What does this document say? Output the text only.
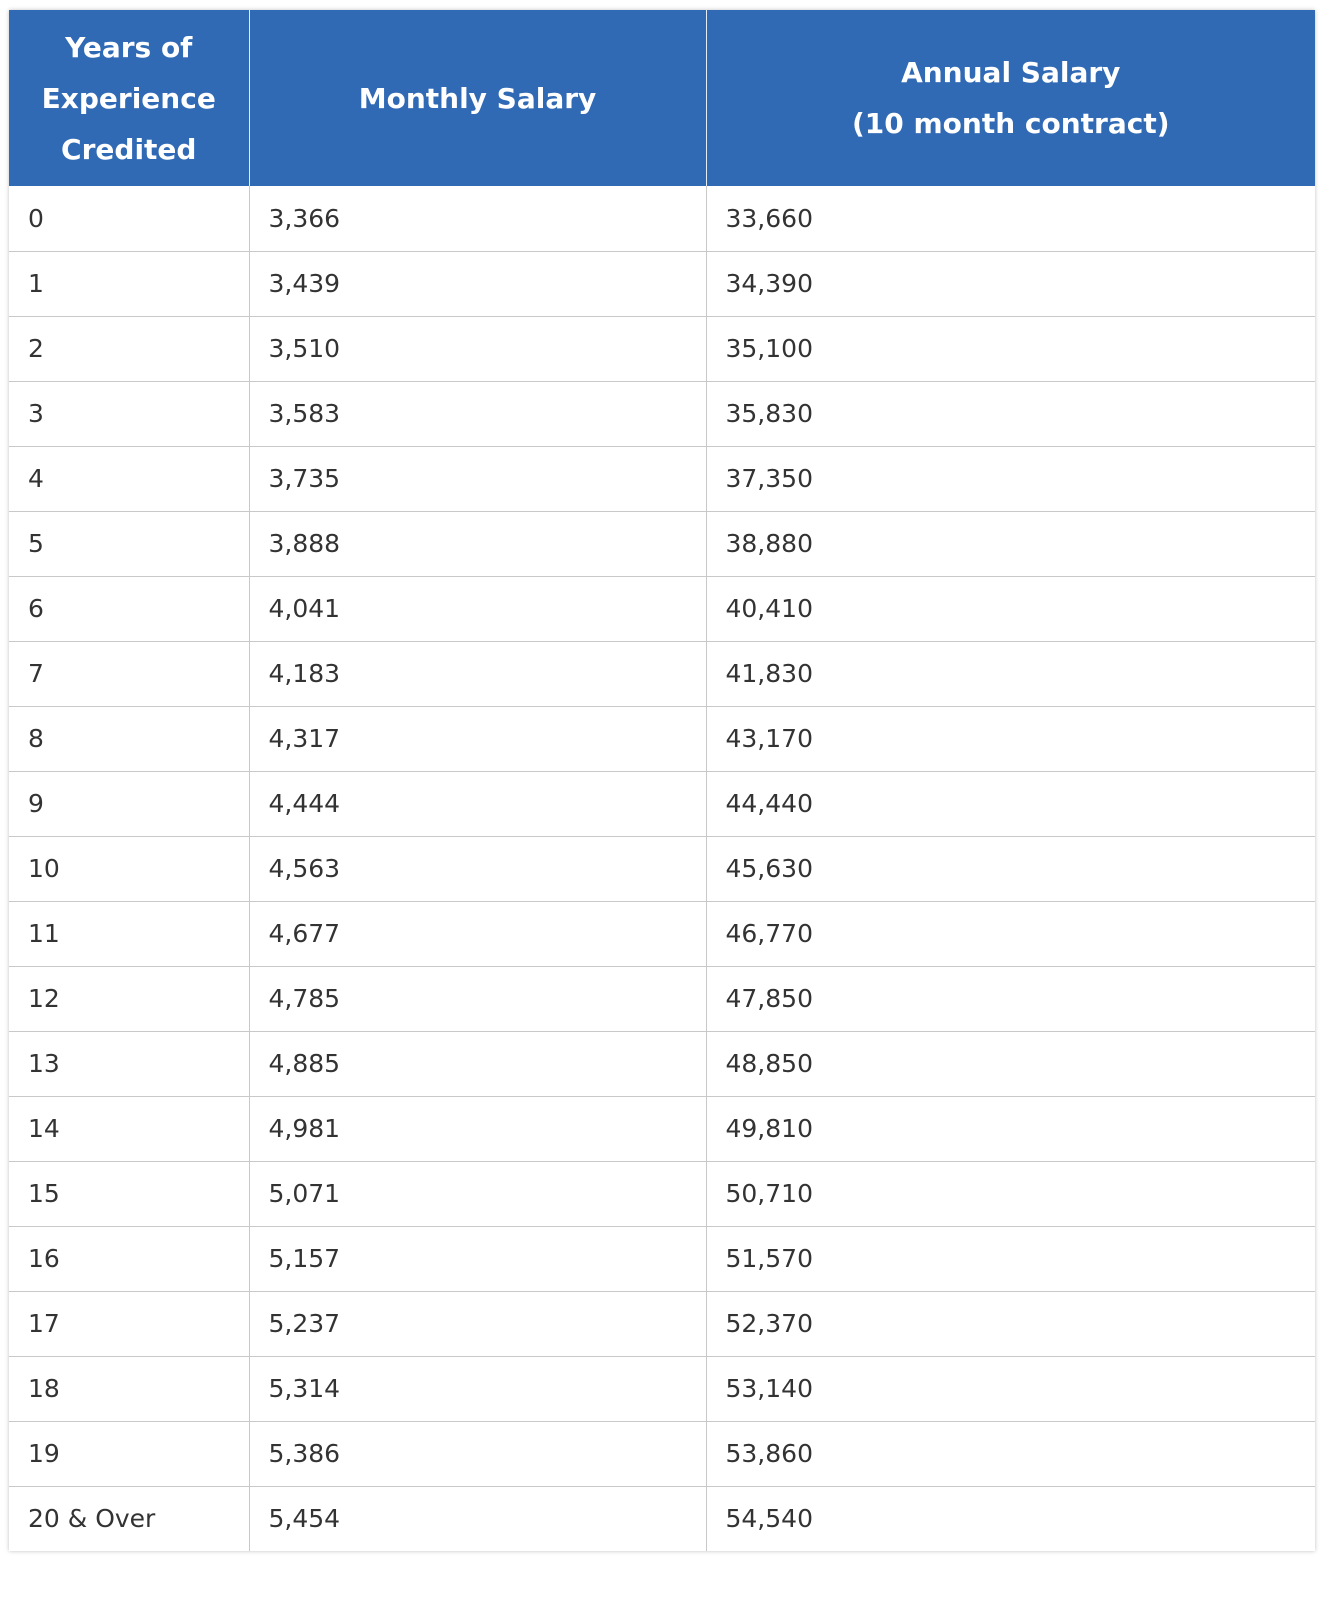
Years of
Experience
Credited	Monthly Salary	Annual Salary
(10 month contract)
0	3,366	33,660
1	3,439	34,390
2	3,510	35,100
3	3,583	35,830
4	3,735	37,350
5	3,888	38,880
6	4,041	40,410
7	4,183	41,830
8	4,317	43,170
9	4,444	44,440
10	4,563	45,630
11	4,677	46,770
12	4,785	47,850
13	4,885	48,850
14	4,981	49,810
15	5,071	50,710
16	5,157	51,570
17	5,237	52,370
18	5,314	53,140
19	5,386	53,860
20 & Over	5,454	54,540
